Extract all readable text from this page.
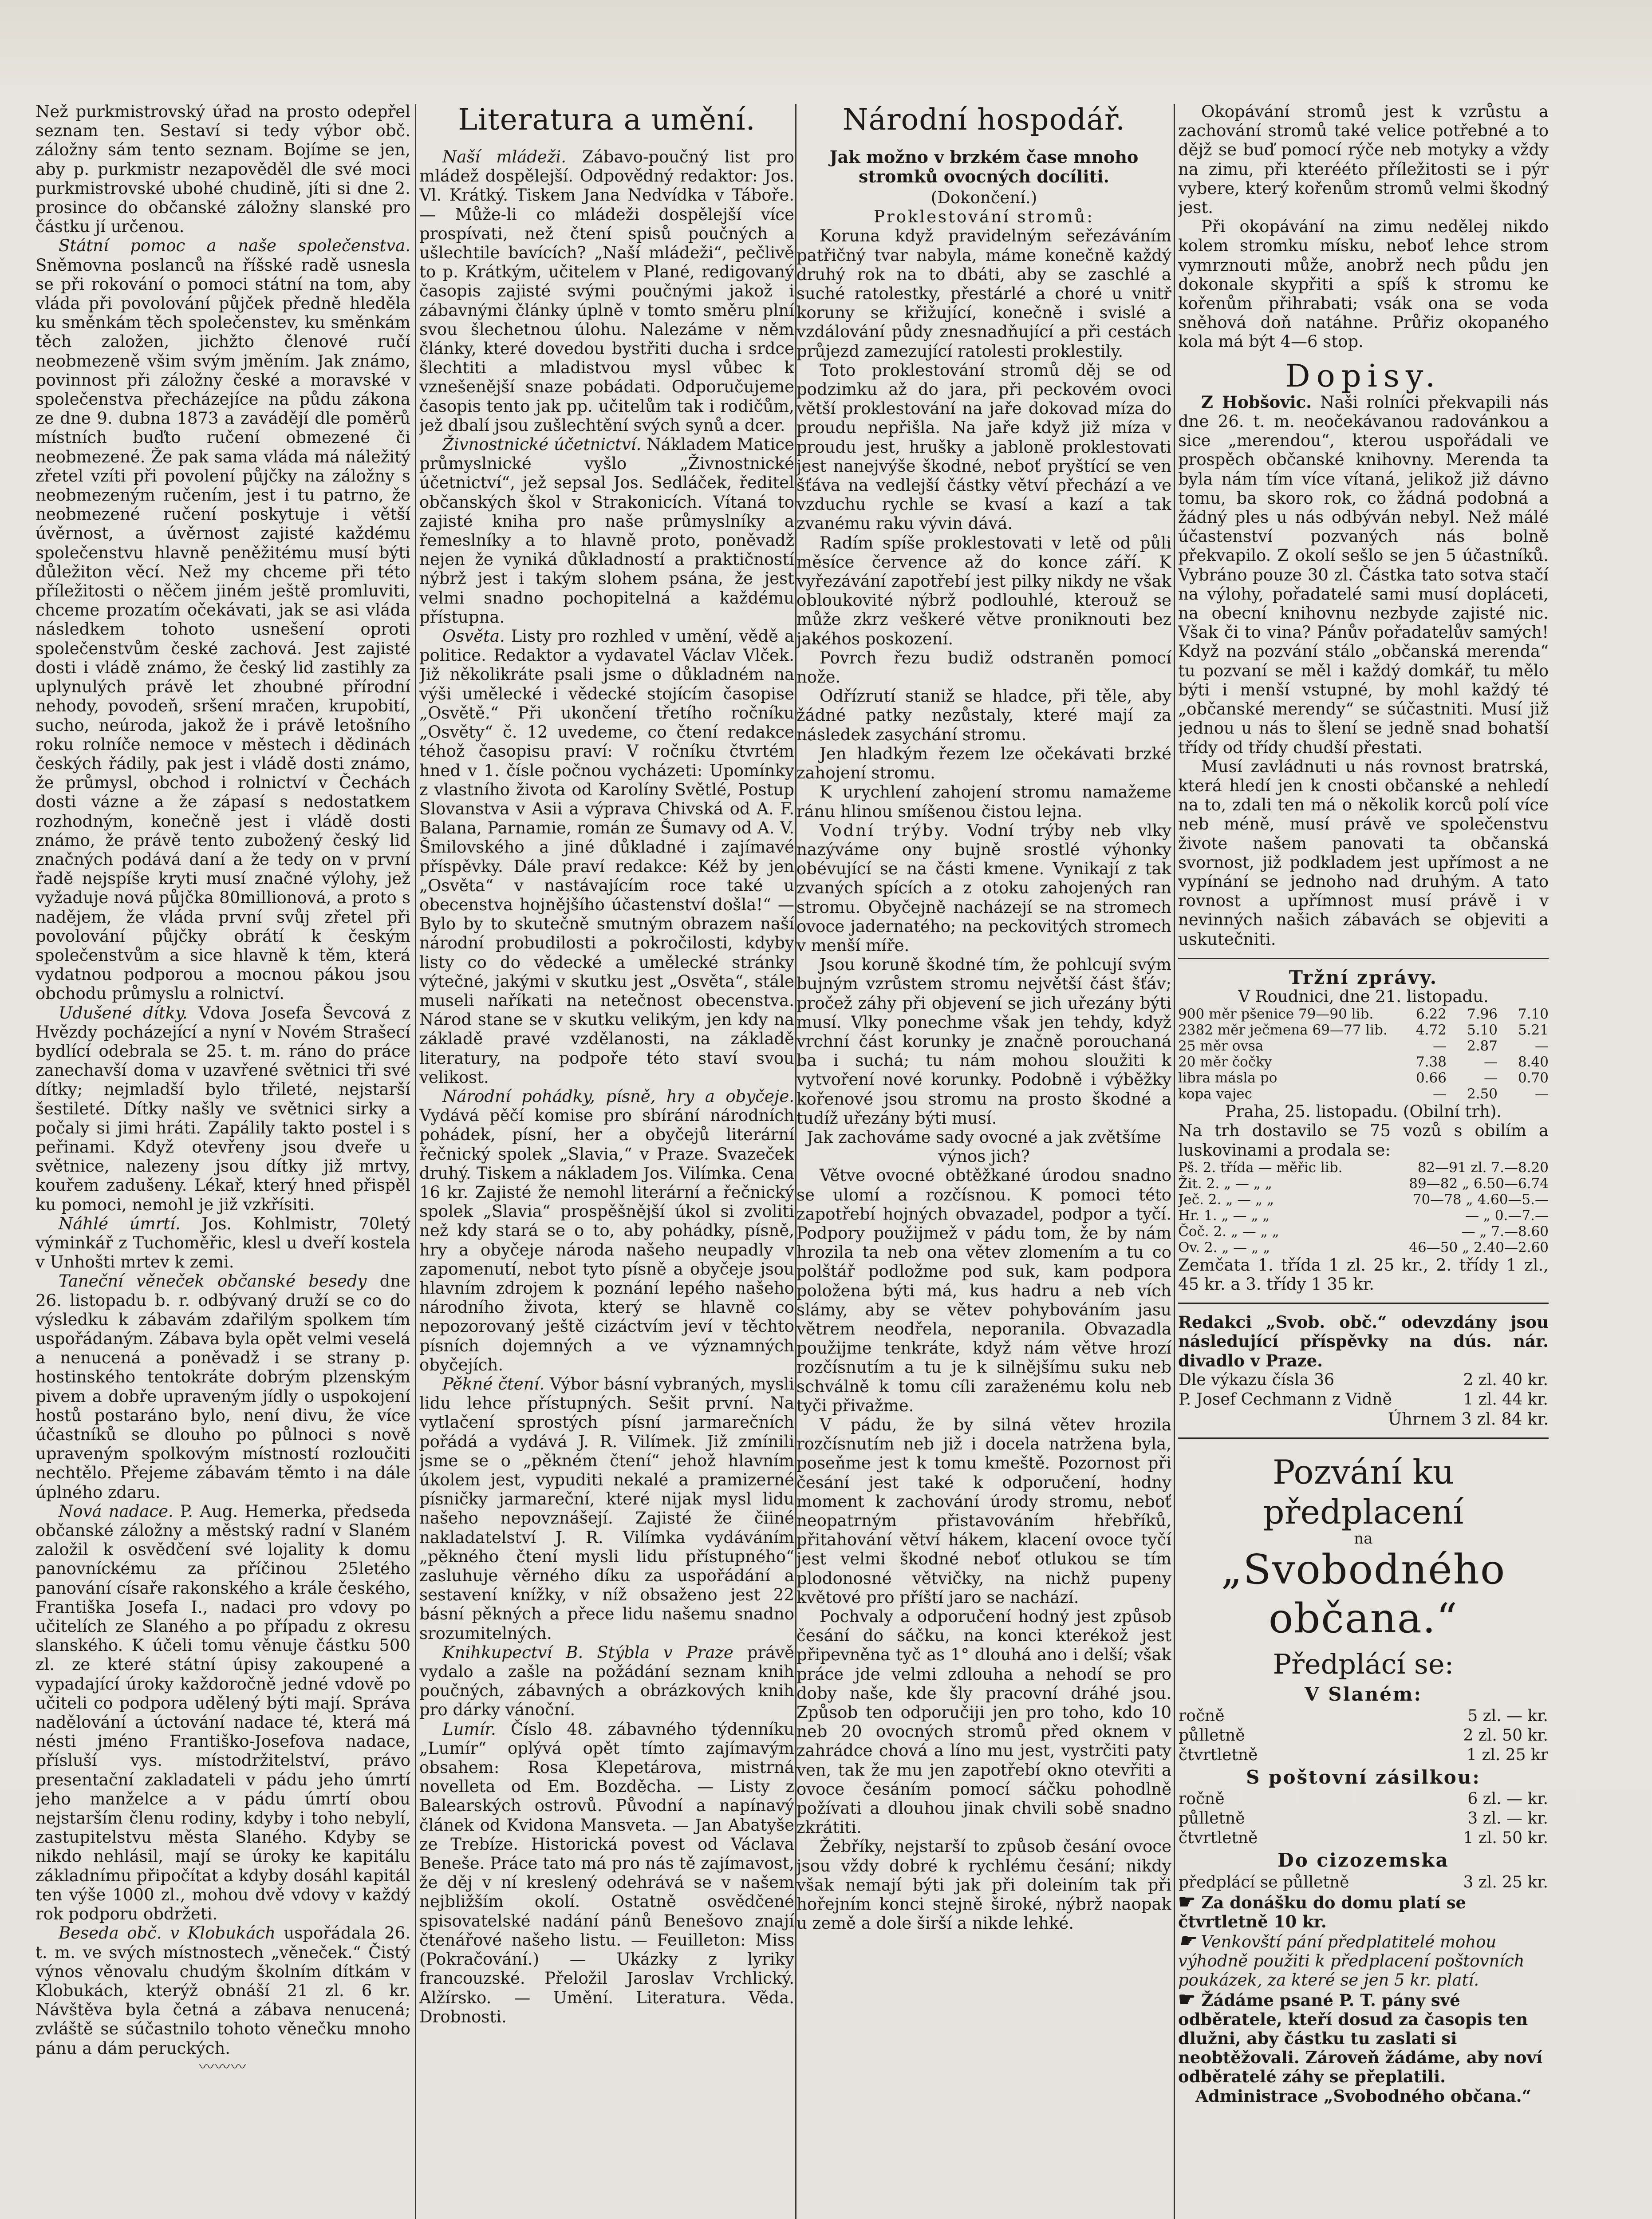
Než purkmistrovský úřad na prosto odepřel seznam ten. Sestaví si tedy výbor obč. záložny sám tento seznam. Bojíme se jen, aby p. purkmistr nezapověděl dle své moci purkmistrovské ubohé chudině, jíti si dne 2. prosince do občanské záložny slanské pro částku jí určenou.

Státní pomoc a naše společenstva. Sněmovna poslanců na říšské radě usnesla se při rokování o pomoci státní na tom, aby vláda při povolování půjček předně hleděla ku směnkám těch společenstev, ku směnkám těch založen, jichžto členové ručí neobmezeně všim svým jměním. Jak známo, povinnost při záložny české a moravské v společenstva přecházejíce na půdu zákona ze dne 9. dubna 1873 a zavádějí dle poměrů místních buďto ručení obmezené či neobmezené. Že pak sama vláda má náležitý zřetel vzíti při povolení půjčky na záložny s neobmezeným ručením, jest i tu patrno, že neobmezené ručení poskytuje i větší úvěrnost, a úvěrnost zajisté každému společenstvu hlavně peněžitému musí býti důležiton věcí. Než my chceme při této příležitosti o něčem jiném ještě promluviti, chceme prozatím očekávati, jak se asi vláda následkem tohoto usnešení oproti společenstvům české zachová. Jest zajisté dosti i vládě známo, že český lid zastihly za uplynulých právě let zhoubné přírodní nehody, povodeň, sršení mračen, krupobití, sucho, neúroda, jakož že i právě letošního roku rolníče nemoce v městech i dědinách českých řádily, pak jest i vládě dosti známo, že průmysl, obchod i rolnictví v Čechách dosti vázne a že zápasí s nedostatkem rozhodným, konečně jest i vládě dosti známo, že právě tento zubožený český lid značných podává daní a že tedy on v první řadě nejspíše kryti musí značné výlohy, jež vyžaduje nová půjčka 80millionová, a proto s nadějem, že vláda první svůj zřetel při povolování půjčky obrátí k českým společenstvům a sice hlavně k těm, která vydatnou podporou a mocnou pákou jsou obchodu průmyslu a rolnictví.

Udušené dítky. Vdova Josefa Ševcová z Hvězdy pocházející a nyní v Novém Strašecí bydlící odebrala se 25. t. m. ráno do práce zanechavší doma v uzavřené světnici tři své dítky; nejmladší bylo třileté, nejstarší šestileté. Dítky našly ve světnici sirky a počaly si jimi hráti. Zapálily takto postel i s peřinami. Když otevřeny jsou dveře u světnice, nalezeny jsou dítky již mrtvy, kouřem zadušeny. Lékař, který hned přispěl ku pomoci, nemohl je již vzkřísiti.

Náhlé úmrtí. Jos. Kohlmistr, 70letý výminkář z Tuchoměřic, klesl u dveří kostela v Unhošti mrtev k zemi.

Taneční věneček občanské besedy dne 26. listopadu b. r. odbývaný druží se co do výsledku k zábavám zdařilým spolkem tím uspořádaným. Zábava byla opět velmi veselá a nenucená a poněvadž i se strany p. hostinského tentokráte dobrým plzenským pivem a dobře upraveným jídly o uspokojení hostů postaráno bylo, není divu, že více účastníků se dlouho po půlnoci s nově upraveným spolkovým místností rozloučiti nechtělo. Přejeme zábavám těmto i na dále úplného zdaru.

Nová nadace. P. Aug. Hemerka, předseda občanské záložny a městský radní v Slaném založil k osvědčení své lojality k domu panovníckému za příčinou 25letého panování císaře rakonského a krále českého, Františka Josefa I., nadaci pro vdovy po učitelích ze Slaného a po případu z okresu slanského. K účeli tomu věnuje částku 500 zl. ze které státní úpisy zakoupené a vypadající úroky každoročně jedné vdově po učiteli co podpora udělený býti mají. Správa nadělování a úctování nadace té, která má nésti jméno Františko-Josefova nadace, přísluší vys. místodržitelství, právo presentační zakladateli v pádu jeho úmrtí jeho manželce a v pádu úmrtí obou nejstarším členu rodiny, kdyby i toho nebylí, zastupitelstvu města Slaného. Kdyby se nikdo nehlásil, mají se úroky ke kapitálu základnímu připočítat a kdyby dosáhl kapitál ten výše 1000 zl., mohou dvě vdovy v každý rok podporu obdržeti.

Beseda obč. v Klobukách uspořádala 26. t. m. ve svých místnostech „věneček.“ Čistý výnos věnovalu chudým školním dítkám v Klobukách, kterýž obnáší 21 zl. 6 kr. Návštěva byla četná a zábava nenucená; zvláště se súčastnilo tohoto věnečku mnoho pánu a dám peruckých.

〰〰〰

Literatura a umění.

Naší mládeži. Zábavo-poučný list pro mládež dospělejší. Odpovědný redaktor: Jos. Vl. Krátký. Tiskem Jana Nedvídka v Táboře. — Může-li co mládeži dospělejší více prospívati, než čtení spisů poučných a ušlechtile bavících? „Naší mládeži“, pečlivě to p. Krátkým, učitelem v Plané, redigovaný časopis zajisté svými poučnými jakož i zábavnými články úplně v tomto směru plní svou šlechetnou úlohu. Nalezáme v něm články, které dovedou bystřiti ducha i srdce šlechtiti a mladistvou mysl vůbec k vznešenější snaze pobádati. Odporučujeme časopis tento jak pp. učitelům tak i rodičům, jež dbalí jsou zušlechtění svých synů a dcer.

Živnostnické účetnictví. Nákladem Matice průmyslnické vyšlo „Živnostnické účetnictví“, jež sepsal Jos. Sedláček, ředitel občanských škol v Strakonicích. Vítaná to zajisté kniha pro naše průmyslníky a řemeslníky a to hlavně proto, poněvadž nejen že vyniká důkladností a praktičností nýbrž jest i takým slohem psána, že jest velmi snadno pochopitelná a každému přístupna.

Osvěta. Listy pro rozhled v umění, vědě a politice. Redaktor a vydavatel Václav Vlček. Již několikráte psali jsme o důkladném na výši umělecké i vědecké stojícím časopise „Osvětě.“ Při ukončení třetího ročníku „Osvěty“ č. 12 uvedeme, co čtení redakce téhož časopisu praví: V ročníku čtvrtém hned v 1. čísle počnou vycházeti: Upomínky z vlastního života od Karolíny Světlé, Postup Slovanstva v Asii a výprava Chivská od A. F. Balana, Parnamie, román ze Šumavy od A. V. Šmilovského a jiné důkladné i zajímavé příspěvky. Dále praví redakce: Kéž by jen „Osvěta“ v nastávajícím roce také u obecenstva hojnějšího účastenství došla!“ — Bylo by to skutečně smutným obrazem naší národní probudilosti a pokročilosti, kdyby listy co do vědecké a umělecké stránky výtečné, jakými v skutku jest „Osvěta“, stále museli naříkati na netečnost obecenstva. Národ stane se v skutku velikým, jen kdy na základě pravé vzdělanosti, na základě literatury, na podpoře této staví svou velikost.

Národní pohádky, písně, hry a obyčeje. Vydává pěčí komise pro sbírání národních pohádek, písní, her a obyčejů literární řečnický spolek „Slavia,“ v Praze. Svazeček druhý. Tiskem a nákladem Jos. Vilímka. Cena 16 kr. Zajisté že nemohl literární a řečnický spolek „Slavia“ prospěšnější úkol si zvoliti než kdy stará se o to, aby pohádky, písně, hry a obyčeje národa našeho neupadly v zapomenutí, nebot tyto písně a obyčeje jsou hlavním zdrojem k poznání lepého našeho národního života, který se hlavně co nepozorovaný ještě cizáctvím jeví v těchto písních dojemných a ve významných obyčejích.

Pěkné čtení. Výbor básní vybraných, mysli lidu lehce přístupných. Sešit první. Na vytlačení sprostých písní jarmarečních pořádá a vydává J. R. Vilímek. Již zmínili jsme se o „pěkném čtení“ jehož hlavním úkolem jest, vypuditi nekalé a pramizerné písničky jarmareční, které nijak mysl lidu našeho nepovznášejí. Zajisté že čiiné nakladatelství J. R. Vilímka vydáváním „pěkného čtení mysli lidu přístupného“ zasluhuje věrného díku za uspořádání a sestavení knížky, v níž obsaženo jest 22 básní pěkných a přece lidu našemu snadno srozumitelných.

Knihkupectví B. Stýbla v Praze právě vydalo a zašle na požádání seznam knih poučných, zábavných a obrázkových knih pro dárky vánoční.

Lumír. Číslo 48. zábavného týdenníku „Lumír“ oplývá opět tímto zajímavým obsahem: Rosa Klepetárova, mistrná novelleta od Em. Bozděcha. — Listy z Balearských ostrovů. Původní a napínavý článek od Kvidona Mansveta. — Jan Abatyše ze Trebíze. Historická povest od Václava Beneše. Práce tato má pro nás tě zajímavost, že děj v ní kreslený odehrává se v našem nejbližším okolí. Ostatně osvědčené spisovatelské nadání pánů Benešovo znají čtenářové našeho listu. — Feuilleton: Miss (Pokračování.) — Ukázky z lyriky francouzské. Přeložil Jaroslav Vrchlický. Alžírsko. — Umění. Literatura. Věda. Drobnosti.

Národní hospodář.
Jak možno v brzkém čase mnoho stromků ovocných docíliti.

(Dokončení.)

Proklestování stromů:

Koruna když pravidelným seřezáváním patřičný tvar nabyla, máme konečně každý druhý rok na to dbáti, aby se zaschlé a suché ratolestky, přestárlé a choré u vnitř koruny se křižující, konečně i svislé a vzdálování půdy znesnadňující a při cestách průjezd zamezující ratolesti proklestily.

Toto proklestování stromů děj se od podzimku až do jara, při peckovém ovoci větší proklestování na jaře dokovad míza do proudu nepřišla. Na jaře když již míza v proudu jest, hrušky a jabloně proklestovati jest nanejvýše škodné, neboť pryštící se ven šťáva na vedlejší částky větví přechází a ve vzduchu rychle se kvasí a kazí a tak zvanému raku vývin dává.

Radím spíše proklestovati v letě od půli měsíce července až do konce září. K vyřezávání zapotřebí jest pilky nikdy ne však obloukovité nýbrž podlouhlé, kterouž se může zkrz veškeré větve proniknouti bez jakéhos poskození.

Povrch řezu budiž odstraněn pomocí nože.

Odřízrutí staniž se hladce, při těle, aby žádné patky nezůstaly, které mají za následek zasychání stromu.

Jen hladkým řezem lze očekávati brzké zahojení stromu.

K urychlení zahojení stromu namažeme ránu hlinou smíšenou čistou lejna.

Vodní trýby. Vodní trýby neb vlky nazýváme ony bujně srostlé výhonky obévující se na části kmene. Vynikají z tak zvaných spících a z otoku zahojených ran stromu. Obyčejně nacházejí se na stromech ovoce jadernatého; na peckovitých stromech v menší míře.

Jsou koruně škodné tím, že pohlcují svým bujným vzrůstem stromu největší část šťáv; pročež záhy při objevení se jich uřezány býti musí. Vlky ponechme však jen tehdy, když vrchní část korunky je značně porouchaná ba i suchá; tu nám mohou sloužiti k vytvoření nové korunky. Podobně i výběžky kořenové jsou stromu na prosto škodné a tudíž uřezány býti musí.

Jak zachováme sady ovocné a jak zvětšíme výnos jich?

Větve ovocné obtěžkané úrodou snadno se ulomí a rozčísnou. K pomoci této zapotřebí hojných obvazadel, podpor a tyčí. Podpory použijmež v pádu tom, že by nám hrozila ta neb ona větev zlomením a tu co polštář podložme pod suk, kam podpora položena býti má, kus hadru a neb vích slámy, aby se větev pohybováním jasu větrem neodřela, neporanila. Obvazadla použijme tenkráte, když nám větve hrozí rozčísnutím a tu je k silnějšímu suku neb schválně k tomu cíli zaraženému kolu neb tyči přivažme.

V pádu, že by silná větev hrozila rozčísnutím neb již i docela natržena byla, poseňme jest k tomu kmeště. Pozornost při česání jest také k odporučení, hodny moment k zachování úrody stromu, neboť neopatrným přistavováním hřebříků, přitahování větví hákem, klacení ovoce tyčí jest velmi škodné neboť otlukou se tím plodonosné větvičky, na nichž pupeny květové pro příští jaro se nachází.

Pochvaly a odporučení hodný jest způsob česání do sáčku, na konci kterékož jest připevněna tyč as 1° dlouhá ano i delší; však práce jde velmi zdlouha a nehodí se pro doby naše, kde šly pracovní dráhé jsou. Způsob ten odporučiji jen pro toho, kdo 10 neb 20 ovocných stromů před oknem v zahrádce chová a líno mu jest, vystrčiti paty ven, tak že mu jen zapotřebí okno otevřiti a ovoce česáním pomocí sáčku pohodlně požívati a dlouhou jinak chvili sobě snadno zkrátiti.

Žebříky, nejstarší to způsob česání ovoce jsou vždy dobré k rychlému česání; nikdy však nemají býti jak při doleiním tak při hořejním konci stejně široké, nýbrž naopak u země a dole širší a nikde lehké.

Okopávání stromů jest k vzrůstu a zachování stromů také velice potřebné a to dějž se buď pomocí rýče neb motyky a vždy na zimu, při kterééto příležitosti se i pýr vybere, který kořenům stromů velmi škodný jest.

Při okopávání na zimu nedělej nikdo kolem stromku mísku, neboť lehce strom vymrznouti může, anobrž nech půdu jen dokonale skypřiti a spíš k stromu ke kořenům přihrabati; vsák ona se voda sněhová doň natáhne. Průřiz okopaného kola má být 4—6 stop.

Dopisy.

Z Hobšovic. Naši rolníci překvapili nás dne 26. t. m. neočekávanou radovánkou a sice „merendou“, kterou uspořádali ve prospěch občanské knihovny. Merenda ta byla nám tím více vítaná, jelikož již dávno tomu, ba skoro rok, co žádná podobná a žádný ples u nás odbýván nebyl. Než málé účastenství pozvaných nás bolně překvapilo. Z okolí sešlo se jen 5 účastníků. Vybráno pouze 30 zl. Částka tato sotva stačí na výlohy, pořadatelé sami musí dopláceti, na obecní knihovnu nezbyde zajisté nic. Však či to vina? Pánův pořadatelův samých! Když na pozvání stálo „občanská merenda“ tu pozvaní se měl i každý domkář, tu mělo býti i menší vstupné, by mohl každý té „občanské merendy“ se súčastniti. Musí již jednou u nás to šlení se jedně snad bohatší třídy od třídy chudší přestati.

Musí zavládnuti u nás rovnost bratrská, která hledí jen k cnosti občanské a nehledí na to, zdali ten má o několik korců polí více neb méně, musí právě ve společenstvu živote našem panovati ta občanská svornost, již podkladem jest upřímost a ne vypínání se jednoho nad druhým. A tato rovnost a upřímnost musí právě i v nevinných našich zábavách se objeviti a uskutečniti.

Tržní zprávy.

V Roudnici, dne 21. listopadu.

900 měr pšenice 79—90 lib.	6.22	7.96	7.10
2382 měr ječmena 69—77 lib.	4.72	5.10	5.21
25 měr ovsa	—	2.87	—
20 měr čočky	7.38	—	8.40
libra másla po	0.66	—	0.70
kopa vajec	—	2.50	—

Praha, 25. listopadu. (Obilní trh).

Na trh dostavilo se 75 vozů s obilím a luskovinami a prodala se:

Pš. 2. třída — měřic lib.	82—91 zl. 7.—8.20
Žit. 2. „ — „ „	89—82 „ 6.50—6.74
Ječ. 2. „ — „ „	70—78 „ 4.60—5.—
Hr. 1. „ — „ „	— „ 0.—7.—
Čoč. 2. „ — „ „	— „ 7.—8.60
Ov. 2. „ — „ „	46—50 „ 2.40—2.60

Zemčata 1. třída 1 zl. 25 kr., 2. třídy 1 zl., 45 kr. a 3. třídy 1 35 kr.

Redakci „Svob. obč.“ odevzdány jsou následující příspěvky na dús. nár. divadlo v Praze.

Dle výkazu čísla 36	2 zl. 40 kr.
P. Josef Cechmann z Vidně	1 zl. 44 kr.

Úhrnem 3 zl. 84 kr.

Pozvání ku předplacení
na
„Svobodného občana.“
Předplácí se:
V Slaném:
ročně	5 zl. — kr.
půlletně	2 zl. 50 kr.
čtvrtletně	1 zl. 25 kr
S poštovní zásilkou:
ročně	6 zl. — kr.
půlletně	3 zl. — kr.
čtvrtletně	1 zl. 50 kr.
Do cizozemska
předplácí se půlletně	3 zl. 25 kr.

☛ Za donášku do domu platí se čtvrtletně 10 kr.

☛ Venkovští pání předplatitelé mohou výhodně použiti k předplacení poštovních poukázek, za které se jen 5 kr. platí.

☛ Žádáme psané P. T. pány své odběratele, kteří dosud za časopis ten dlužni, aby částku tu zaslati si neobtěžovali. Zároveň žádáme, aby noví odběratelé záhy se přeplatili.

Administrace „Svobodného občana.“
